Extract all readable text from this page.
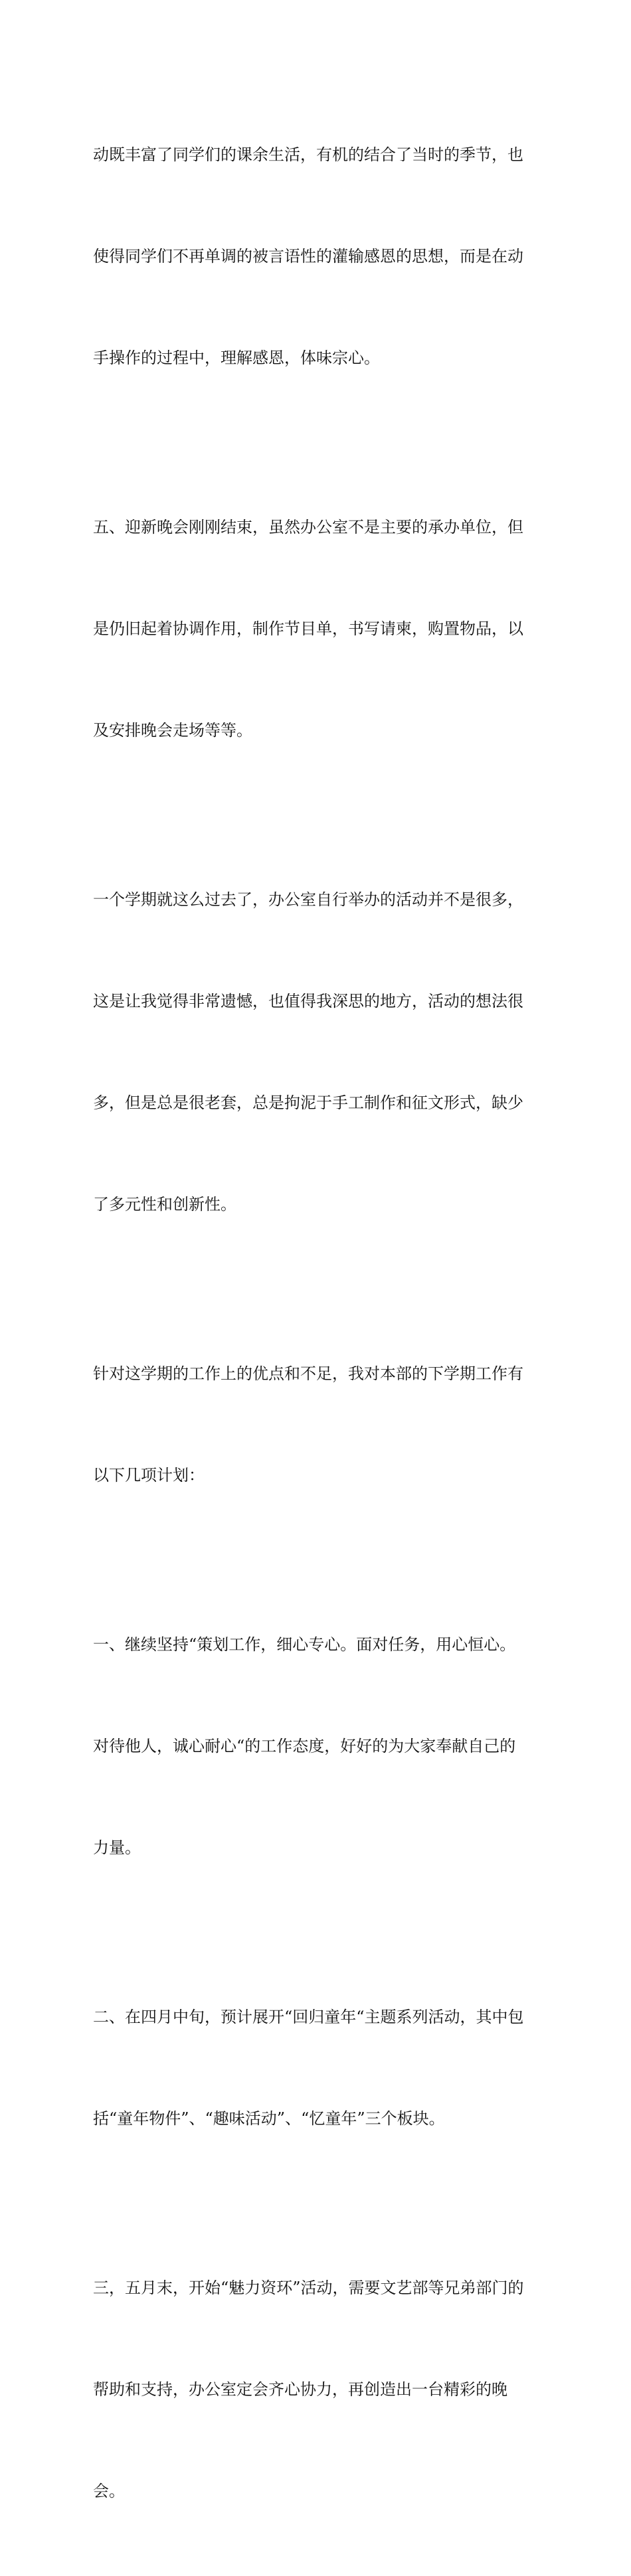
动既丰富了同学们的课余生活，有机的结合了当时的季节，也

使得同学们不再单调的被言语性的灌输感恩的思想，而是在动

手操作的过程中，理解感恩，体味宗心。

五、迎新晚会刚刚结束，虽然办公室不是主要的承办单位，但

是仍旧起着协调作用，制作节目单，书写请柬，购置物品，以

及安排晚会走场等等。

一个学期就这么过去了，办公室自行举办的活动并不是很多，

这是让我觉得非常遗憾，也值得我深思的地方，活动的想法很

多，但是总是很老套，总是拘泥于手工制作和征文形式，缺少

了多元性和创新性。

针对这学期的工作上的优点和不足，我对本部的下学期工作有

以下几项计划：

一、继续坚持“策划工作，细心专心。面对任务，用心恒心。

对待他人，诚心耐心“的工作态度，好好的为大家奉献自己的

力量。

二、在四月中旬，预计展开“回归童年“主题系列活动，其中包

括“童年物件”、“趣味活动”、“忆童年”三个板块。

三，五月末，开始“魅力资环”活动，需要文艺部等兄弟部门的

帮助和支持，办公室定会齐心协力，再创造出一台精彩的晚

会。
